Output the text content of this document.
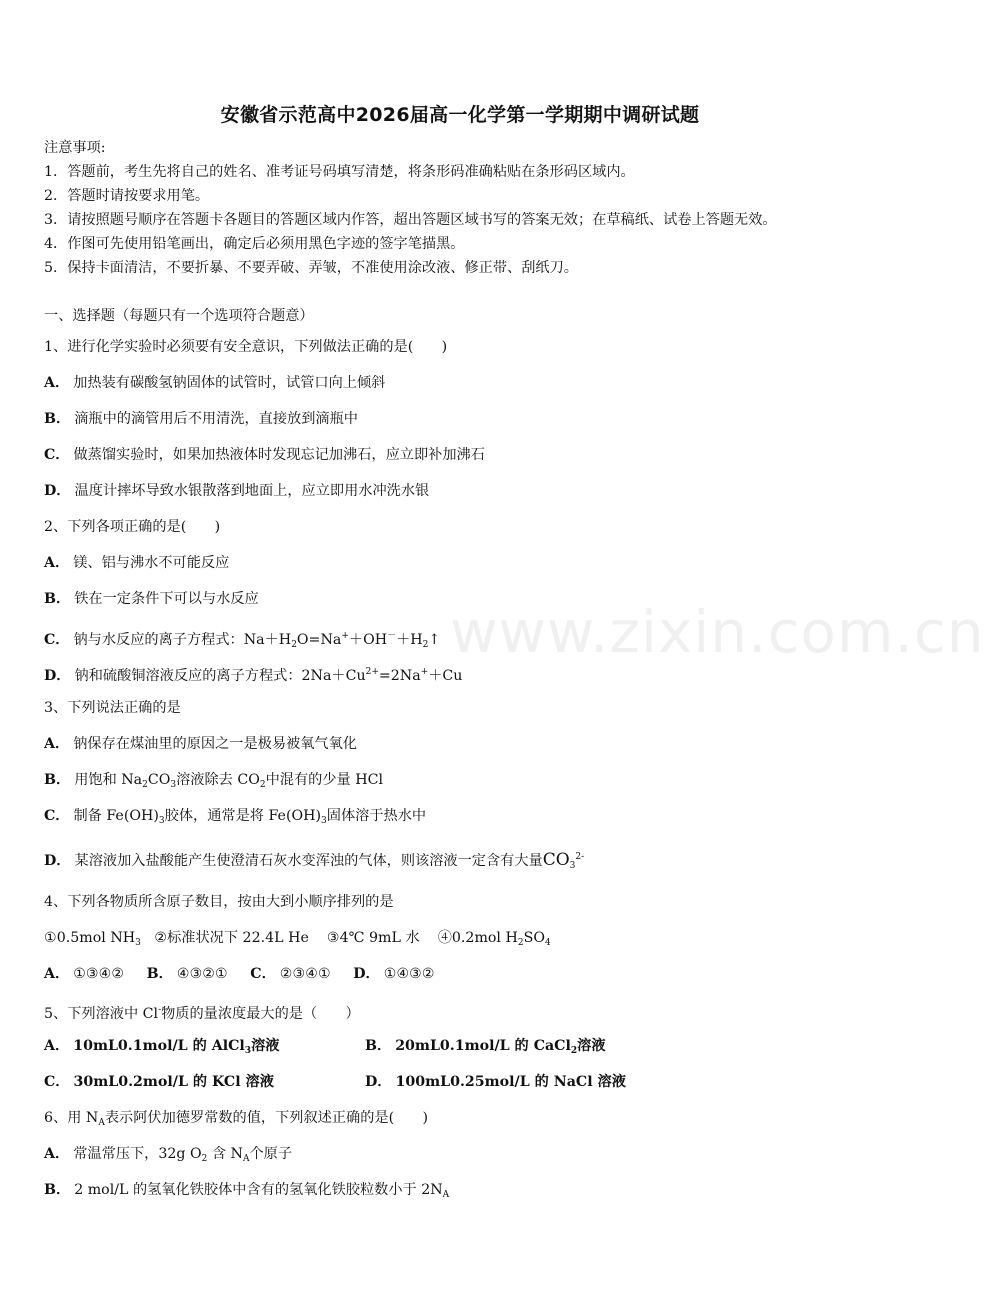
www.zixin.com.cn
安徽省示范高中2026届高一化学第一学期期中调研试题
注意事项:
1．答题前，考生先将自己的姓名、准考证号码填写清楚，将条形码准确粘贴在条形码区域内。
2．答题时请按要求用笔。
3．请按照题号顺序在答题卡各题目的答题区域内作答，超出答题区域书写的答案无效；在草稿纸、试卷上答题无效。
4．作图可先使用铅笔画出，确定后必须用黑色字迹的签字笔描黑。
5．保持卡面清洁，不要折暴、不要弄破、弄皱，不准使用涂改液、修正带、刮纸刀。
一、选择题（每题只有一个选项符合题意）
1、进行化学实验时必须要有安全意识，下列做法正确的是(　　)
A． 加热装有碳酸氢钠固体的试管时，试管口向上倾斜
B． 滴瓶中的滴管用后不用清洗，直接放到滴瓶中
C． 做蒸馏实验时，如果加热液体时发现忘记加沸石，应立即补加沸石
D． 温度计摔坏导致水银散落到地面上，应立即用水冲洗水银
2、下列各项正确的是(　　)
A． 镁、铝与沸水不可能反应
B． 铁在一定条件下可以与水反应
C． 钠与水反应的离子方程式：$Na+H_2O=Na^++OH^-+H_2↑$
D． 钠和硫酸铜溶液反应的离子方程式：$2Na+Cu^{2+}=2Na^++Cu$
3、下列说法正确的是
A． 钠保存在煤油里的原因之一是极易被氧气氧化
B． 用饱和 $Na_2CO_3$溶液除去 $CO_2$中混有的少量 HCl
C． 制备 $Fe(OH)_3$胶体，通常是将 $Fe(OH)_3$固体溶于热水中
D． 某溶液加入盐酸能产生使澄清石灰水变浑浊的气体，则该溶液一定含有大量$CO_3^{2-}$
4、下列各物质所含原子数目，按由大到小顺序排列的是
①0.5mol $NH_3$ ②标准状况下 22.4L He ③4℃ 9mL 水 ④0.2mol $H_2SO_4$
A． ①③④② B． ④③②① C． ②③④① D． ①④③②
5、下列溶液中 Cl-物质的量浓度最大的是（　　）
A． 10mL0.1mol/L 的 AlCl$_3$溶液	B． 20mL0.1mol/L 的 CaCl$_2$溶液
C． 30mL0.2mol/L 的 KCl 溶液	D． 100mL0.25mol/L 的 NaCl 溶液
6、用 $N_A$表示阿伏加德罗常数的值，下列叙述正确的是(　　)
A． 常温常压下，32g $O_2$ 含 $N_A$个原子
B． 2 mol/L 的氢氧化铁胶体中含有的氢氧化铁胶粒数小于 $2N_A$
